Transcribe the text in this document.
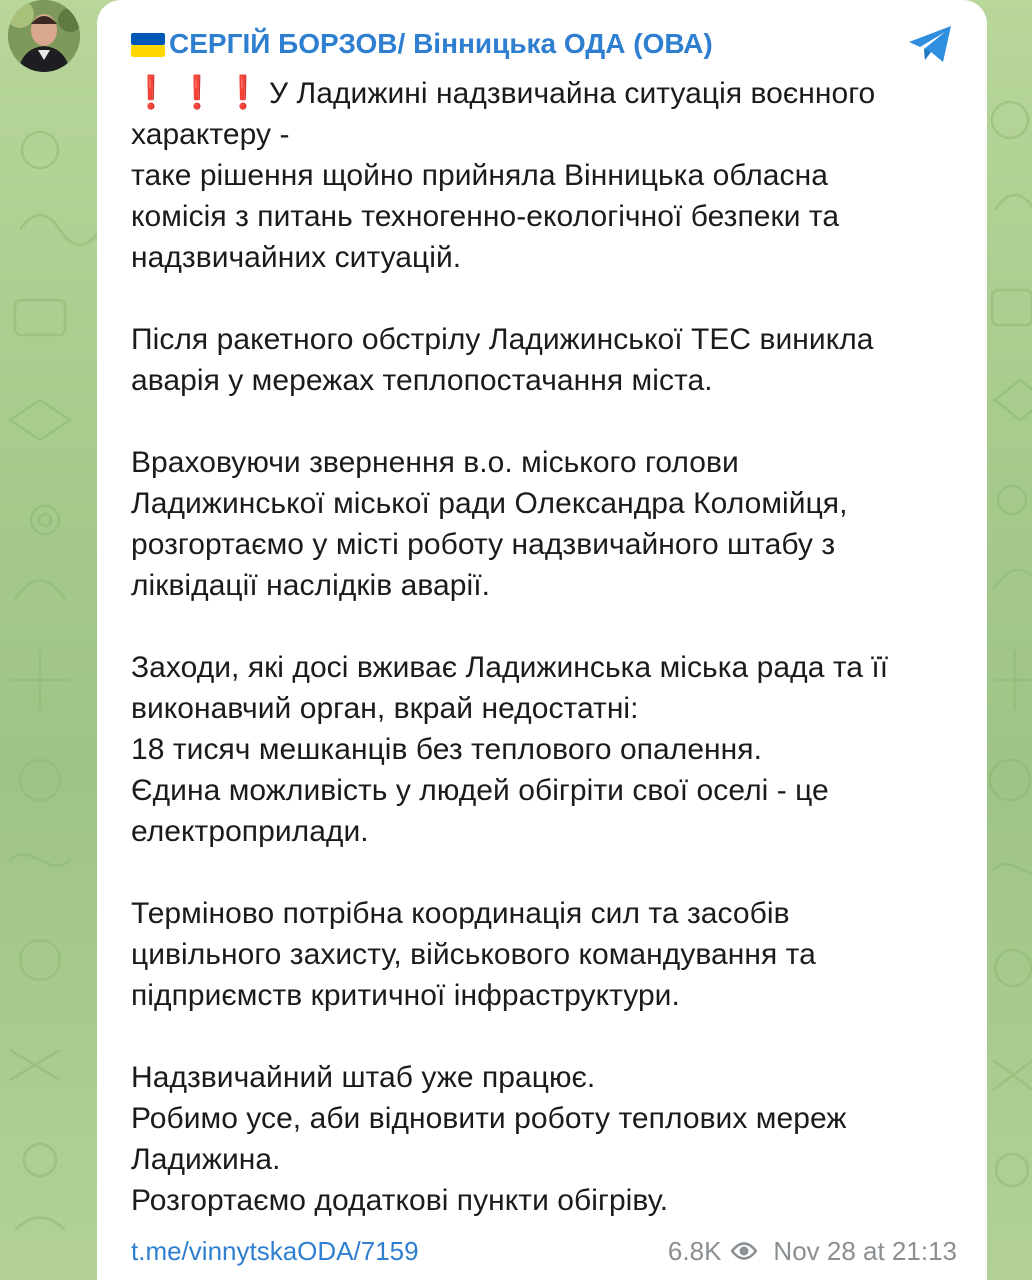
СЕРГІЙ БОРЗОВ/ Вінницька ОДА (ОВА)
❗ ❗ ❗ У Ладижині надзвичайна ситуація воєнного
характеру -
таке рішення щойно прийняла Вінницька обласна
комісія з питань техногенно-екологічної безпеки та
надзвичайних ситуацій.

Після ракетного обстрілу Ладижинської ТЕС виникла
аварія у мережах теплопостачання міста.

Враховуючи звернення в.о. міського голови
Ладижинської міської ради Олександра Коломійця,
розгортаємо у місті роботу надзвичайного штабу з
ліквідації наслідків аварії.

Заходи, які досі вживає Ладижинська міська рада та її
виконавчий орган, вкрай недостатні:
18 тисяч мешканців без теплового опалення.
Єдина можливість у людей обігріти свої оселі - це
електроприлади.

Терміново потрібна координація сил та засобів
цивільного захисту, військового командування та
підприємств критичної інфраструктури.

Надзвичайний штаб уже працює.
Робимо усе, аби відновити роботу теплових мереж
Ладижина.
Розгортаємо додаткові пункти обігріву.
t.me/vinnytskaODA/7159	6.8K Nov 28 at 21:13
